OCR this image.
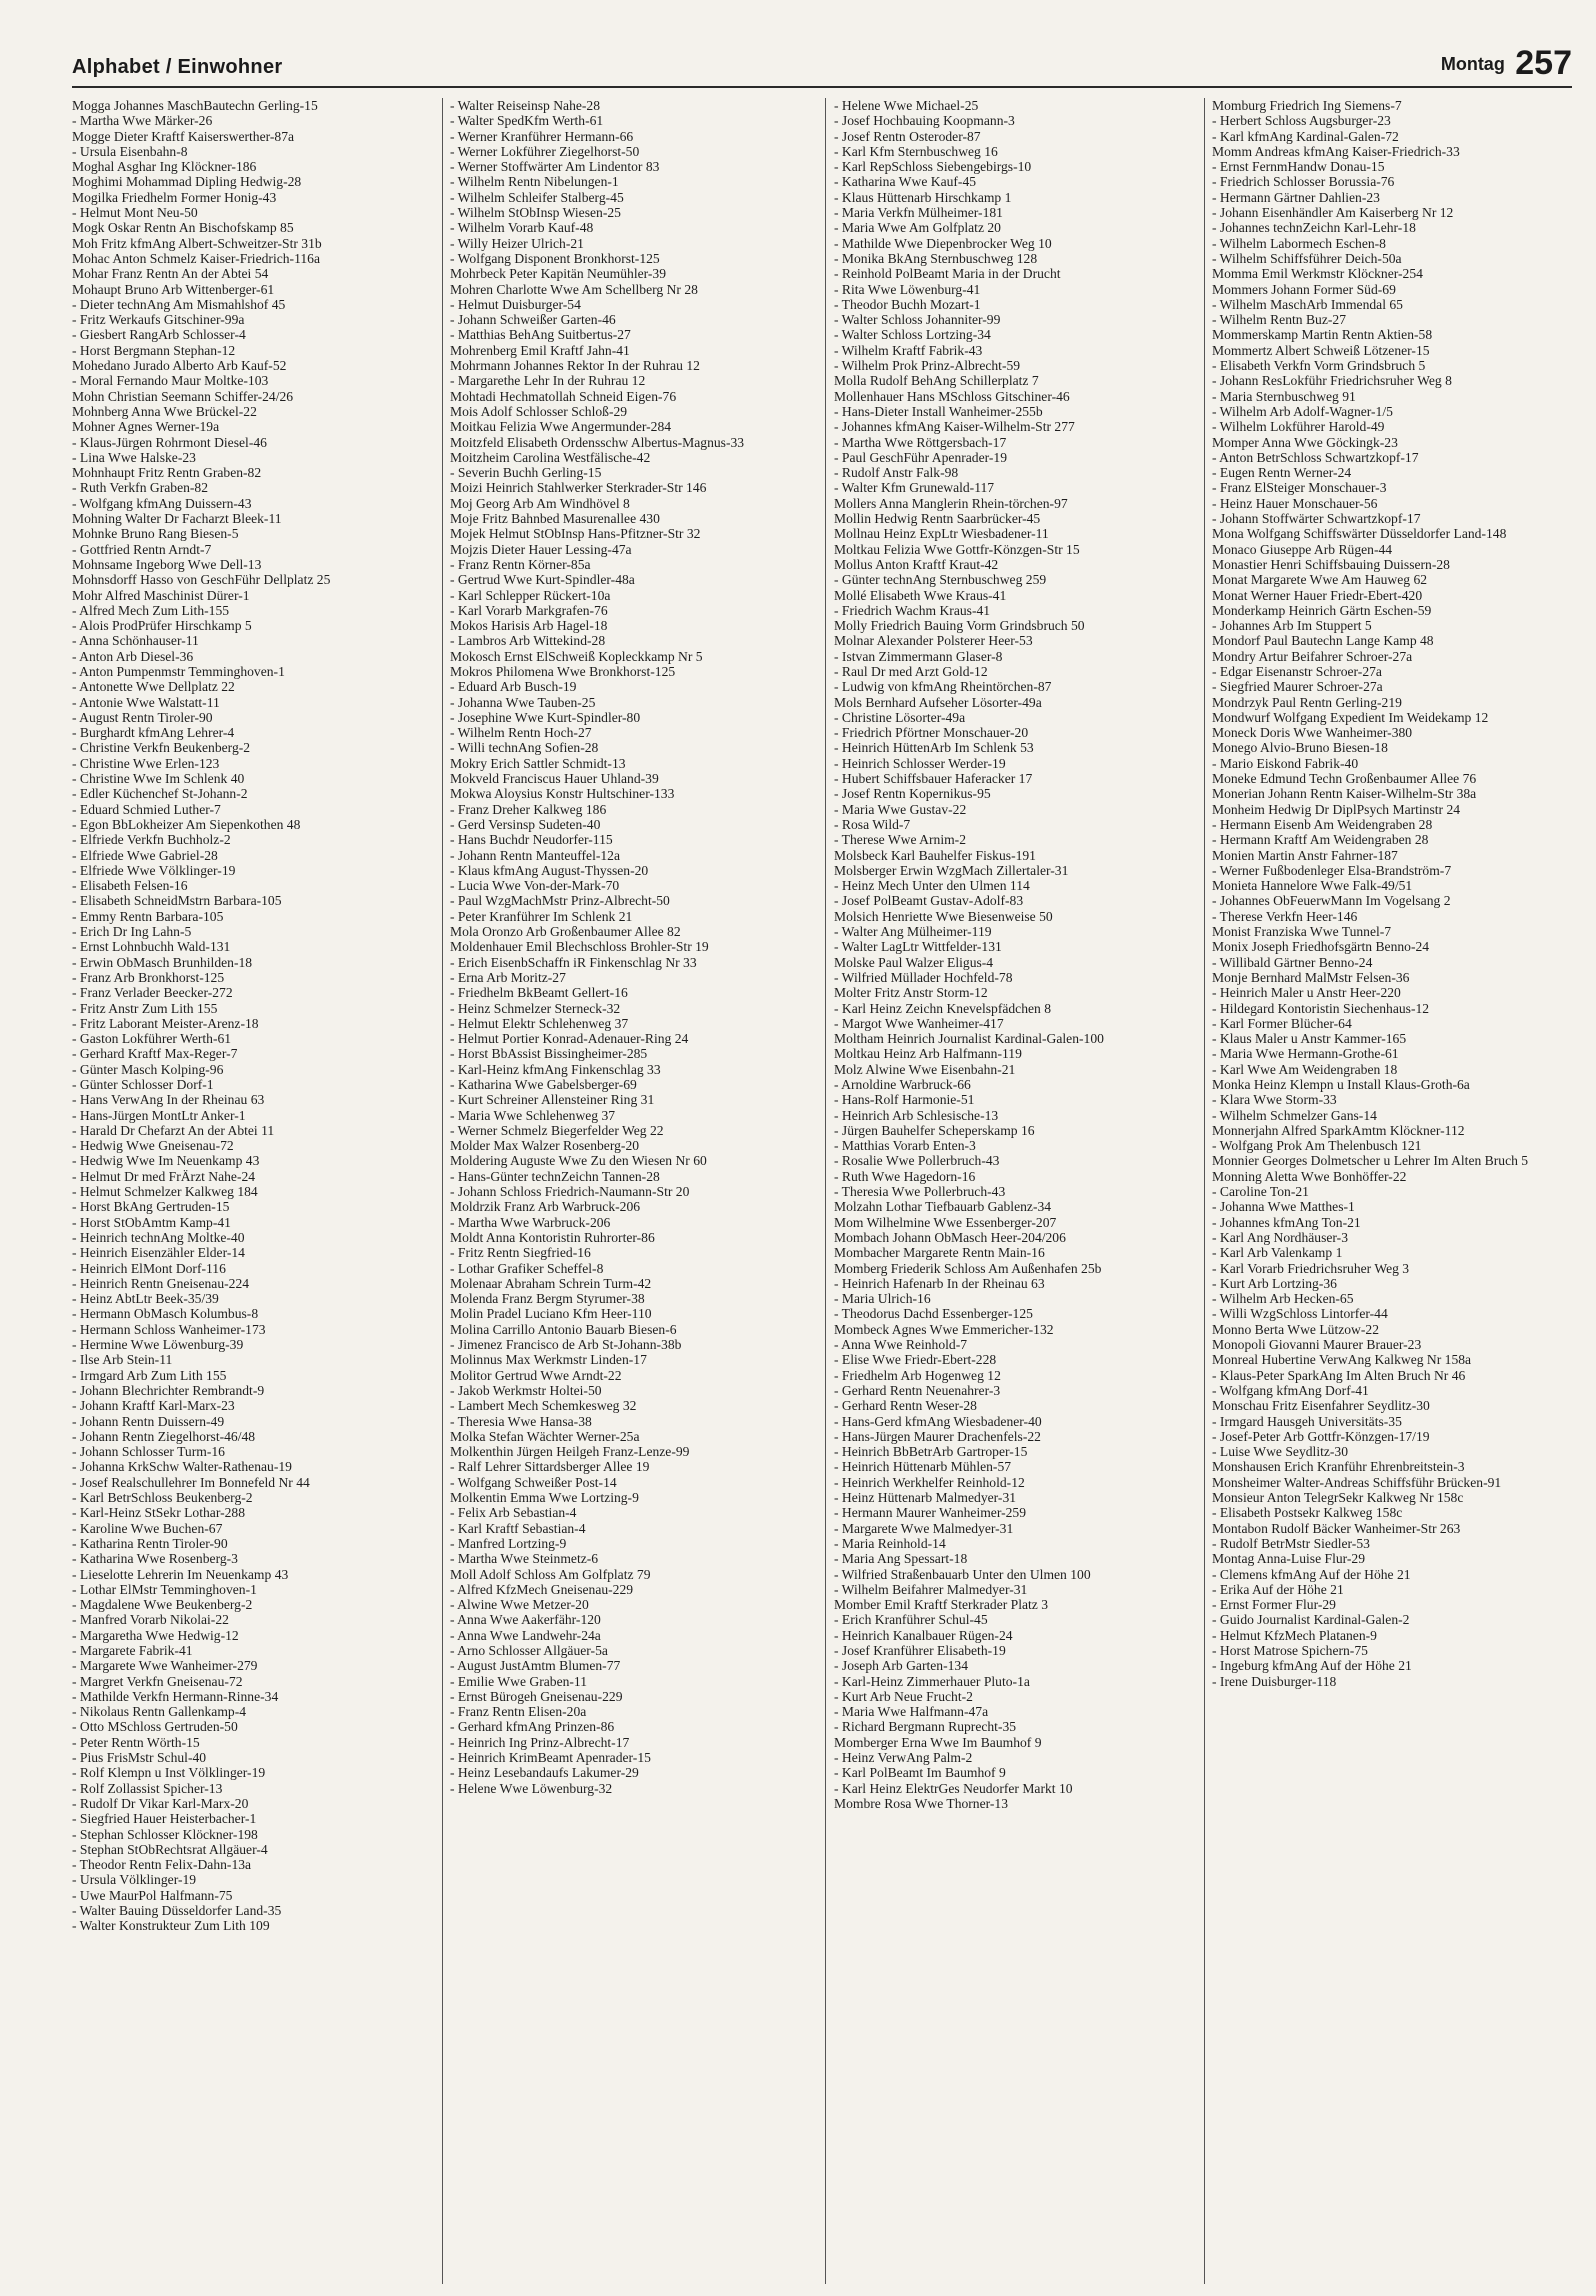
Alphabet / Einwohner	Montag 257
Mogga Johannes MaschBautechn Gerling-15
- Martha Wwe Märker-26
Mogge Dieter Kraftf Kaiserswerther-87a
- Ursula Eisenbahn-8
Moghal Asghar Ing Klöckner-186
Moghimi Mohammad Dipling Hedwig-28
Mogilka Friedhelm Former Honig-43
- Helmut Mont Neu-50
Mogk Oskar Rentn An Bischofskamp 85
Moh Fritz kfmAng Albert-Schweitzer-Str 31b
Mohac Anton Schmelz Kaiser-Friedrich-116a
Mohar Franz Rentn An der Abtei 54
Mohaupt Bruno Arb Wittenberger-61
- Dieter technAng Am Mismahlshof 45
- Fritz Werkaufs Gitschiner-99a
- Giesbert RangArb Schlosser-4
- Horst Bergmann Stephan-12
Mohedano Jurado Alberto Arb Kauf-52
- Moral Fernando Maur Moltke-103
Mohn Christian Seemann Schiffer-24/26
Mohnberg Anna Wwe Brückel-22
Mohner Agnes Werner-19a
- Klaus-Jürgen Rohrmont Diesel-46
- Lina Wwe Halske-23
Mohnhaupt Fritz Rentn Graben-82
- Ruth Verkfn Graben-82
- Wolfgang kfmAng Duissern-43
Mohning Walter Dr Facharzt Bleek-11
Mohnke Bruno Rang Biesen-5
- Gottfried Rentn Arndt-7
Mohnsame Ingeborg Wwe Dell-13
Mohnsdorff Hasso von GeschFühr Dellplatz 25
Mohr Alfred Maschinist Dürer-1
- Alfred Mech Zum Lith-155
- Alois ProdPrüfer Hirschkamp 5
- Anna Schönhauser-11
- Anton Arb Diesel-36
- Anton Pumpenmstr Temminghoven-1
- Antonette Wwe Dellplatz 22
- Antonie Wwe Walstatt-11
- August Rentn Tiroler-90
- Burghardt kfmAng Lehrer-4
- Christine Verkfn Beukenberg-2
- Christine Wwe Erlen-123
- Christine Wwe Im Schlenk 40
- Edler Küchenchef St-Johann-2
- Eduard Schmied Luther-7
- Egon BbLokheizer Am Siepenkothen 48
- Elfriede Verkfn Buchholz-2
- Elfriede Wwe Gabriel-28
- Elfriede Wwe Völklinger-19
- Elisabeth Felsen-16
- Elisabeth SchneidMstrn Barbara-105
- Emmy Rentn Barbara-105
- Erich Dr Ing Lahn-5
- Ernst Lohnbuchh Wald-131
- Erwin ObMasch Brunhilden-18
- Franz Arb Bronkhorst-125
- Franz Verlader Beecker-272
- Fritz Anstr Zum Lith 155
- Fritz Laborant Meister-Arenz-18
- Gaston Lokführer Werth-61
- Gerhard Kraftf Max-Reger-7
- Günter Masch Kolping-96
- Günter Schlosser Dorf-1
- Hans VerwAng In der Rheinau 63
- Hans-Jürgen MontLtr Anker-1
- Harald Dr Chefarzt An der Abtei 11
- Hedwig Wwe Gneisenau-72
- Hedwig Wwe Im Neuenkamp 43
- Helmut Dr med FrÄrzt Nahe-24
- Helmut Schmelzer Kalkweg 184
- Horst BkAng Gertruden-15
- Horst StObAmtm Kamp-41
- Heinrich technAng Moltke-40
- Heinrich Eisenzähler Elder-14
- Heinrich ElMont Dorf-116
- Heinrich Rentn Gneisenau-224
- Heinz AbtLtr Beek-35/39
- Hermann ObMasch Kolumbus-8
- Hermann Schloss Wanheimer-173
- Hermine Wwe Löwenburg-39
- Ilse Arb Stein-11
- Irmgard Arb Zum Lith 155
- Johann Blechrichter Rembrandt-9
- Johann Kraftf Karl-Marx-23
- Johann Rentn Duissern-49
- Johann Rentn Ziegelhorst-46/48
- Johann Schlosser Turm-16
- Johanna KrkSchw Walter-Rathenau-19
- Josef Realschullehrer Im Bonnefeld Nr 44
- Karl BetrSchloss Beukenberg-2
- Karl-Heinz StSekr Lothar-288
- Karoline Wwe Buchen-67
- Katharina Rentn Tiroler-90
- Katharina Wwe Rosenberg-3
- Lieselotte Lehrerin Im Neuenkamp 43
- Lothar ElMstr Temminghoven-1
- Magdalene Wwe Beukenberg-2
- Manfred Vorarb Nikolai-22
- Margaretha Wwe Hedwig-12
- Margarete Fabrik-41
- Margarete Wwe Wanheimer-279
- Margret Verkfn Gneisenau-72
- Mathilde Verkfn Hermann-Rinne-34
- Nikolaus Rentn Gallenkamp-4
- Otto MSchloss Gertruden-50
- Peter Rentn Wörth-15
- Pius FrisMstr Schul-40
- Rolf Klempn u Inst Völklinger-19
- Rolf Zollassist Spicher-13
- Rudolf Dr Vikar Karl-Marx-20
- Siegfried Hauer Heisterbacher-1
- Stephan Schlosser Klöckner-198
- Stephan StObRechtsrat Allgäuer-4
- Theodor Rentn Felix-Dahn-13a
- Ursula Völklinger-19
- Uwe MaurPol Halfmann-75
- Walter Bauing Düsseldorfer Land-35
- Walter Konstrukteur Zum Lith 109
- Walter Reiseinsp Nahe-28
- Walter SpedKfm Werth-61
- Werner Kranführer Hermann-66
- Werner Lokführer Ziegelhorst-50
- Werner Stoffwärter Am Lindentor 83
- Wilhelm Rentn Nibelungen-1
- Wilhelm Schleifer Stalberg-45
- Wilhelm StObInsp Wiesen-25
- Wilhelm Vorarb Kauf-48
- Willy Heizer Ulrich-21
- Wolfgang Disponent Bronkhorst-125
Mohrbeck Peter Kapitän Neumühler-39
Mohren Charlotte Wwe Am Schellberg Nr 28
- Helmut Duisburger-54
- Johann Schweißer Garten-46
- Matthias BehAng Suitbertus-27
Mohrenberg Emil Kraftf Jahn-41
Mohrmann Johannes Rektor In der Ruhrau 12
- Margarethe Lehr In der Ruhrau 12
Mohtadi Hechmatollah Schneid Eigen-76
Mois Adolf Schlosser Schloß-29
Moitkau Felizia Wwe Angermunder-284
Moitzfeld Elisabeth Ordensschw Albertus-Magnus-33
Moitzheim Carolina Westfälische-42
- Severin Buchh Gerling-15
Moizi Heinrich Stahlwerker Sterkrader-Str 146
Moj Georg Arb Am Windhövel 8
Moje Fritz Bahnbed Masurenallee 430
Mojek Helmut StObInsp Hans-Pfitzner-Str 32
Mojzis Dieter Hauer Lessing-47a
- Franz Rentn Körner-85a
- Gertrud Wwe Kurt-Spindler-48a
- Karl Schlepper Rückert-10a
- Karl Vorarb Markgrafen-76
Mokos Harisis Arb Hagel-18
- Lambros Arb Wittekind-28
Mokosch Ernst ElSchweiß Kopleckkamp Nr 5
Mokros Philomena Wwe Bronkhorst-125
- Eduard Arb Busch-19
- Johanna Wwe Tauben-25
- Josephine Wwe Kurt-Spindler-80
- Wilhelm Rentn Hoch-27
- Willi technAng Sofien-28
Mokry Erich Sattler Schmidt-13
Mokveld Franciscus Hauer Uhland-39
Mokwa Aloysius Konstr Hultschiner-133
- Franz Dreher Kalkweg 186
- Gerd Versinsp Sudeten-40
- Hans Buchdr Neudorfer-115
- Johann Rentn Manteuffel-12a
- Klaus kfmAng August-Thyssen-20
- Lucia Wwe Von-der-Mark-70
- Paul WzgMachMstr Prinz-Albrecht-50
- Peter Kranführer Im Schlenk 21
Mola Oronzo Arb Großenbaumer Allee 82
Moldenhauer Emil Blechschloss Brohler-Str 19
- Erich EisenbSchaffn iR Finkenschlag Nr 33
- Erna Arb Moritz-27
- Friedhelm BkBeamt Gellert-16
- Heinz Schmelzer Sterneck-32
- Helmut Elektr Schlehenweg 37
- Helmut Portier Konrad-Adenauer-Ring 24
- Horst BbAssist Bissingheimer-285
- Karl-Heinz kfmAng Finkenschlag 33
- Katharina Wwe Gabelsberger-69
- Kurt Schreiner Allensteiner Ring 31
- Maria Wwe Schlehenweg 37
- Werner Schmelz Biegerfelder Weg 22
Molder Max Walzer Rosenberg-20
Moldering Auguste Wwe Zu den Wiesen Nr 60
- Hans-Günter technZeichn Tannen-28
- Johann Schloss Friedrich-Naumann-Str 20
Moldrzik Franz Arb Warbruck-206
- Martha Wwe Warbruck-206
Moldt Anna Kontoristin Ruhrorter-86
- Fritz Rentn Siegfried-16
- Lothar Grafiker Scheffel-8
Molenaar Abraham Schrein Turm-42
Molenda Franz Bergm Styrumer-38
Molin Pradel Luciano Kfm Heer-110
Molina Carrillo Antonio Bauarb Biesen-6
- Jimenez Francisco de Arb St-Johann-38b
Molinnus Max Werkmstr Linden-17
Molitor Gertrud Wwe Arndt-22
- Jakob Werkmstr Holtei-50
- Lambert Mech Schemkesweg 32
- Theresia Wwe Hansa-38
Molka Stefan Wächter Werner-25a
Molkenthin Jürgen Heilgeh Franz-Lenze-99
- Ralf Lehrer Sittardsberger Allee 19
- Wolfgang Schweißer Post-14
Molkentin Emma Wwe Lortzing-9
- Felix Arb Sebastian-4
- Karl Kraftf Sebastian-4
- Manfred Lortzing-9
- Martha Wwe Steinmetz-6
Moll Adolf Schloss Am Golfplatz 79
- Alfred KfzMech Gneisenau-229
- Alwine Wwe Metzer-20
- Anna Wwe Aakerfähr-120
- Anna Wwe Landwehr-24a
- Arno Schlosser Allgäuer-5a
- August JustAmtm Blumen-77
- Emilie Wwe Graben-11
- Ernst Bürogeh Gneisenau-229
- Franz Rentn Elisen-20a
- Gerhard kfmAng Prinzen-86
- Heinrich Ing Prinz-Albrecht-17
- Heinrich KrimBeamt Apenrader-15
- Heinz Lesebandaufs Lakumer-29
- Helene Wwe Löwenburg-32
- Helene Wwe Michael-25
- Josef Hochbauing Koopmann-3
- Josef Rentn Osteroder-87
- Karl Kfm Sternbuschweg 16
- Karl RepSchloss Siebengebirgs-10
- Katharina Wwe Kauf-45
- Klaus Hüttenarb Hirschkamp 1
- Maria Verkfn Mülheimer-181
- Maria Wwe Am Golfplatz 20
- Mathilde Wwe Diepenbrocker Weg 10
- Monika BkAng Sternbuschweg 128
- Reinhold PolBeamt Maria in der Drucht
- Rita Wwe Löwenburg-41
- Theodor Buchh Mozart-1
- Walter Schloss Johanniter-99
- Walter Schloss Lortzing-34
- Wilhelm Kraftf Fabrik-43
- Wilhelm Prok Prinz-Albrecht-59
Molla Rudolf BehAng Schillerplatz 7
Mollenhauer Hans MSchloss Gitschiner-46
- Hans-Dieter Install Wanheimer-255b
- Johannes kfmAng Kaiser-Wilhelm-Str 277
- Martha Wwe Röttgersbach-17
- Paul GeschFühr Apenrader-19
- Rudolf Anstr Falk-98
- Walter Kfm Grunewald-117
Mollers Anna Manglerin Rhein-törchen-97
Mollin Hedwig Rentn Saarbrücker-45
Mollnau Heinz ExpLtr Wiesbadener-11
Moltkau Felizia Wwe Gottfr-Könzgen-Str 15
Mollus Anton Kraftf Kraut-42
- Günter technAng Sternbuschweg 259
Mollé Elisabeth Wwe Kraus-41
- Friedrich Wachm Kraus-41
Molly Friedrich Bauing Vorm Grindsbruch 50
Molnar Alexander Polsterer Heer-53
- Istvan Zimmermann Glaser-8
- Raul Dr med Arzt Gold-12
- Ludwig von kfmAng Rheintörchen-87
Mols Bernhard Aufseher Lösorter-49a
- Christine Lösorter-49a
- Friedrich Pförtner Monschauer-20
- Heinrich HüttenArb Im Schlenk 53
- Heinrich Schlosser Werder-19
- Hubert Schiffsbauer Haferacker 17
- Josef Rentn Kopernikus-95
- Maria Wwe Gustav-22
- Rosa Wild-7
- Therese Wwe Arnim-2
Molsbeck Karl Bauhelfer Fiskus-191
Molsberger Erwin WzgMach Zillertaler-31
- Heinz Mech Unter den Ulmen 114
- Josef PolBeamt Gustav-Adolf-83
Molsich Henriette Wwe Biesenweise 50
- Walter Ang Mülheimer-119
- Walter LagLtr Wittfelder-131
Molske Paul Walzer Eligus-4
- Wilfried Müllader Hochfeld-78
Molter Fritz Anstr Storm-12
- Karl Heinz Zeichn Knevelspfädchen 8
- Margot Wwe Wanheimer-417
Moltham Heinrich Journalist Kardinal-Galen-100
Moltkau Heinz Arb Halfmann-119
Molz Alwine Wwe Eisenbahn-21
- Arnoldine Warbruck-66
- Hans-Rolf Harmonie-51
- Heinrich Arb Schlesische-13
- Jürgen Bauhelfer Scheperskamp 16
- Matthias Vorarb Enten-3
- Rosalie Wwe Pollerbruch-43
- Ruth Wwe Hagedorn-16
- Theresia Wwe Pollerbruch-43
Molzahn Lothar Tiefbauarb Gablenz-34
Mom Wilhelmine Wwe Essenberger-207
Mombach Johann ObMasch Heer-204/206
Mombacher Margarete Rentn Main-16
Momberg Friederik Schloss Am Außenhafen 25b
- Heinrich Hafenarb In der Rheinau 63
- Maria Ulrich-16
- Theodorus Dachd Essenberger-125
Mombeck Agnes Wwe Emmericher-132
- Anna Wwe Reinhold-7
- Elise Wwe Friedr-Ebert-228
- Friedhelm Arb Hogenweg 12
- Gerhard Rentn Neuenahrer-3
- Gerhard Rentn Weser-28
- Hans-Gerd kfmAng Wiesbadener-40
- Hans-Jürgen Maurer Drachenfels-22
- Heinrich BbBetrArb Gartroper-15
- Heinrich Hüttenarb Mühlen-57
- Heinrich Werkhelfer Reinhold-12
- Heinz Hüttenarb Malmedyer-31
- Hermann Maurer Wanheimer-259
- Margarete Wwe Malmedyer-31
- Maria Reinhold-14
- Maria Ang Spessart-18
- Wilfried Straßenbauarb Unter den Ulmen 100
- Wilhelm Beifahrer Malmedyer-31
Momber Emil Kraftf Sterkrader Platz 3
- Erich Kranführer Schul-45
- Heinrich Kanalbauer Rügen-24
- Josef Kranführer Elisabeth-19
- Joseph Arb Garten-134
- Karl-Heinz Zimmerhauer Pluto-1a
- Kurt Arb Neue Frucht-2
- Maria Wwe Halfmann-47a
- Richard Bergmann Ruprecht-35
Momberger Erna Wwe Im Baumhof 9
- Heinz VerwAng Palm-2
- Karl PolBeamt Im Baumhof 9
- Karl Heinz ElektrGes Neudorfer Markt 10
Mombre Rosa Wwe Thorner-13
Momburg Friedrich Ing Siemens-7
- Herbert Schloss Augsburger-23
- Karl kfmAng Kardinal-Galen-72
Momm Andreas kfmAng Kaiser-Friedrich-33
- Ernst FernmHandw Donau-15
- Friedrich Schlosser Borussia-76
- Hermann Gärtner Dahlien-23
- Johann Eisenhändler Am Kaiserberg Nr 12
- Johannes technZeichn Karl-Lehr-18
- Wilhelm Labormech Eschen-8
- Wilhelm Schiffsführer Deich-50a
Momma Emil Werkmstr Klöckner-254
Mommers Johann Former Süd-69
- Wilhelm MaschArb Immendal 65
- Wilhelm Rentn Buz-27
Mommerskamp Martin Rentn Aktien-58
Mommertz Albert Schweiß Lötzener-15
- Elisabeth Verkfn Vorm Grindsbruch 5
- Johann ResLokführ Friedrichsruher Weg 8
- Maria Sternbuschweg 91
- Wilhelm Arb Adolf-Wagner-1/5
- Wilhelm Lokführer Harold-49
Momper Anna Wwe Göckingk-23
- Anton BetrSchloss Schwartzkopf-17
- Eugen Rentn Werner-24
- Franz ElSteiger Monschauer-3
- Heinz Hauer Monschauer-56
- Johann Stoffwärter Schwartzkopf-17
Mona Wolfgang Schiffswärter Düsseldorfer Land-148
Monaco Giuseppe Arb Rügen-44
Monastier Henri Schiffsbauing Duissern-28
Monat Margarete Wwe Am Hauweg 62
Monat Werner Hauer Friedr-Ebert-420
Monderkamp Heinrich Gärtn Eschen-59
- Johannes Arb Im Stuppert 5
Mondorf Paul Bautechn Lange Kamp 48
Mondry Artur Beifahrer Schroer-27a
- Edgar Eisenanstr Schroer-27a
- Siegfried Maurer Schroer-27a
Mondrzyk Paul Rentn Gerling-219
Mondwurf Wolfgang Expedient Im Weidekamp 12
Moneck Doris Wwe Wanheimer-380
Monego Alvio-Bruno Biesen-18
- Mario Eiskond Fabrik-40
Moneke Edmund Techn Großenbaumer Allee 76
Monerian Johann Rentn Kaiser-Wilhelm-Str 38a
Monheim Hedwig Dr DiplPsych Martinstr 24
- Hermann Eisenb Am Weidengraben 28
- Hermann Kraftf Am Weidengraben 28
Monien Martin Anstr Fahrner-187
- Werner Fußbodenleger Elsa-Brandström-7
Monieta Hannelore Wwe Falk-49/51
- Johannes ObFeuerwMann Im Vogelsang 2
- Therese Verkfn Heer-146
Monist Franziska Wwe Tunnel-7
Monix Joseph Friedhofsgärtn Benno-24
- Willibald Gärtner Benno-24
Monje Bernhard MalMstr Felsen-36
- Heinrich Maler u Anstr Heer-220
- Hildegard Kontoristin Siechenhaus-12
- Karl Former Blücher-64
- Klaus Maler u Anstr Kammer-165
- Maria Wwe Hermann-Grothe-61
- Karl Wwe Am Weidengraben 18
Monka Heinz Klempn u Install Klaus-Groth-6a
- Klara Wwe Storm-33
- Wilhelm Schmelzer Gans-14
Monnerjahn Alfred SparkAmtm Klöckner-112
- Wolfgang Prok Am Thelenbusch 121
Monnier Georges Dolmetscher u Lehrer Im Alten Bruch 5
Monning Aletta Wwe Bonhöffer-22
- Caroline Ton-21
- Johanna Wwe Matthes-1
- Johannes kfmAng Ton-21
- Karl Ang Nordhäuser-3
- Karl Arb Valenkamp 1
- Karl Vorarb Friedrichsruher Weg 3
- Kurt Arb Lortzing-36
- Wilhelm Arb Hecken-65
- Willi WzgSchloss Lintorfer-44
Monno Berta Wwe Lützow-22
Monopoli Giovanni Maurer Brauer-23
Monreal Hubertine VerwAng Kalkweg Nr 158a
- Klaus-Peter SparkAng Im Alten Bruch Nr 46
- Wolfgang kfmAng Dorf-41
Monschau Fritz Eisenfahrer Seydlitz-30
- Irmgard Hausgeh Universitäts-35
- Josef-Peter Arb Gottfr-Könzgen-17/19
- Luise Wwe Seydlitz-30
Monshausen Erich Kranführ Ehrenbreitstein-3
Monsheimer Walter-Andreas Schiffsführ Brücken-91
Monsieur Anton TelegrSekr Kalkweg Nr 158c
- Elisabeth Postsekr Kalkweg 158c
Montabon Rudolf Bäcker Wanheimer-Str 263
- Rudolf BetrMstr Siedler-53
Montag Anna-Luise Flur-29
- Clemens kfmAng Auf der Höhe 21
- Erika Auf der Höhe 21
- Ernst Former Flur-29
- Guido Journalist Kardinal-Galen-2
- Helmut KfzMech Platanen-9
- Horst Matrose Spichern-75
- Ingeburg kfmAng Auf der Höhe 21
- Irene Duisburger-118
